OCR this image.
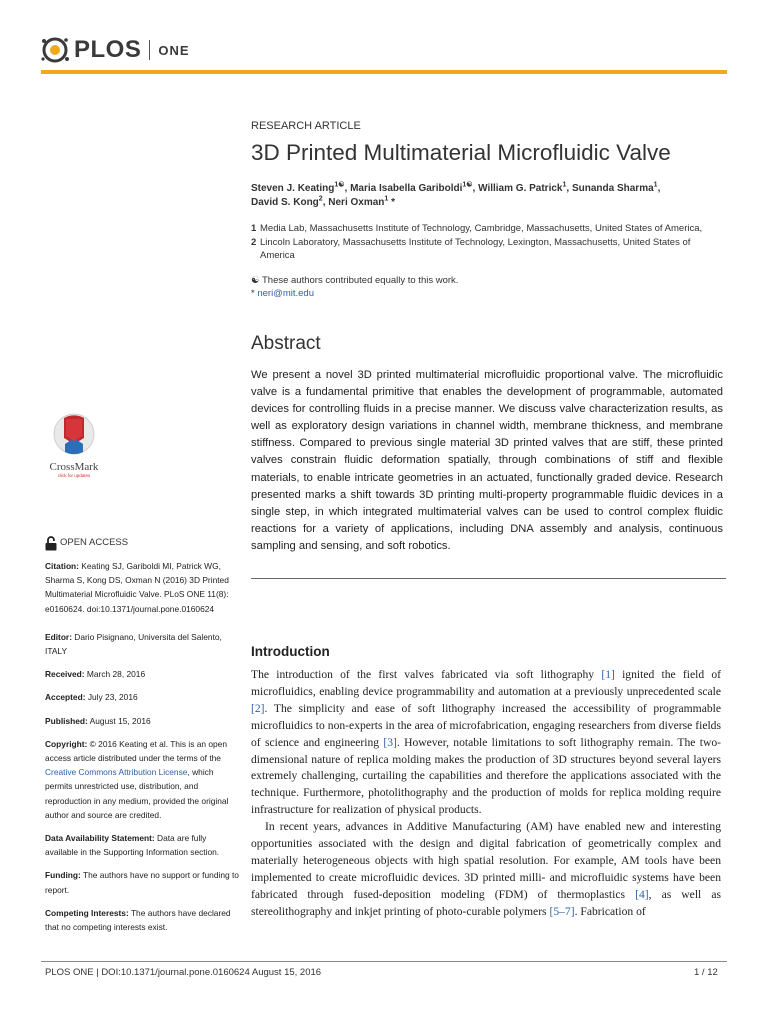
PLOS ONE
RESEARCH ARTICLE
3D Printed Multimaterial Microfluidic Valve
Steven J. Keating$^{1☯}$, Maria Isabella Gariboldi$^{1☯}$, William G. Patrick$^1$, Sunanda Sharma$^1$,
David S. Kong$^2$, Neri Oxman$^1$ *
1 Media Lab, Massachusetts Institute of Technology, Cambridge, Massachusetts, United States of America,
2 Lincoln Laboratory, Massachusetts Institute of Technology, Lexington, Massachusetts, United States of America
☯ These authors contributed equally to this work.
* neri@mit.edu
Abstract
We present a novel 3D printed multimaterial microfluidic proportional valve. The microfluidic valve is a fundamental primitive that enables the development of programmable, automated devices for controlling fluids in a precise manner. We discuss valve characterization results, as well as exploratory design variations in channel width, membrane thickness, and membrane stiffness. Compared to previous single material 3D printed valves that are stiff, these printed valves constrain fluidic deformation spatially, through combinations of stiff and flexible materials, to enable intricate geometries in an actuated, functionally graded device. Research presented marks a shift towards 3D printing multi-property programmable fluidic devices in a single step, in which integrated multimaterial valves can be used to control complex fluidic reactions for a variety of applications, including DNA assembly and analysis, continuous sampling and sensing, and soft robotics.
CrossMark
click for updates
OPEN ACCESS
Citation: Keating SJ, Gariboldi MI, Patrick WG, Sharma S, Kong DS, Oxman N (2016) 3D Printed Multimaterial Microfluidic Valve. PLoS ONE 11(8): e0160624. doi:10.1371/journal.pone.0160624
Editor: Dario Pisignano, Universita del Salento, ITALY
Received: March 28, 2016
Accepted: July 23, 2016
Published: August 15, 2016
Copyright: © 2016 Keating et al. This is an open access article distributed under the terms of the Creative Commons Attribution License, which permits unrestricted use, distribution, and reproduction in any medium, provided the original author and source are credited.
Data Availability Statement: Data are fully available in the Supporting Information section.
Funding: The authors have no support or funding to report.
Competing Interests: The authors have declared that no competing interests exist.
Introduction

The introduction of the first valves fabricated via soft lithography [1] ignited the field of microfluidics, enabling device programmability and automation at a previously unprecedented scale [2]. The simplicity and ease of soft lithography increased the accessibility of programmable microfluidics to non-experts in the area of microfabrication, engaging researchers from diverse fields of science and engineering [3]. However, notable limitations to soft lithography remain. The two-dimensional nature of replica molding makes the production of 3D structures beyond several layers extremely challenging, curtailing the capabilities and therefore the applications associated with the technique. Furthermore, photolithography and the production of molds for replica molding require infrastructure for realization of physical products.

In recent years, advances in Additive Manufacturing (AM) have enabled new and interesting opportunities associated with the design and digital fabrication of geometrically complex and materially heterogeneous objects with high spatial resolution. For example, AM tools have been implemented to create microfluidic devices. 3D printed milli- and microfluidic systems have been fabricated through fused-deposition modeling (FDM) of thermoplastics [4], as well as stereolithography and inkjet printing of photo-curable polymers [5–7]. Fabrication of

PLOS ONE | DOI:10.1371/journal.pone.0160624 August 15, 2016	1 / 12
